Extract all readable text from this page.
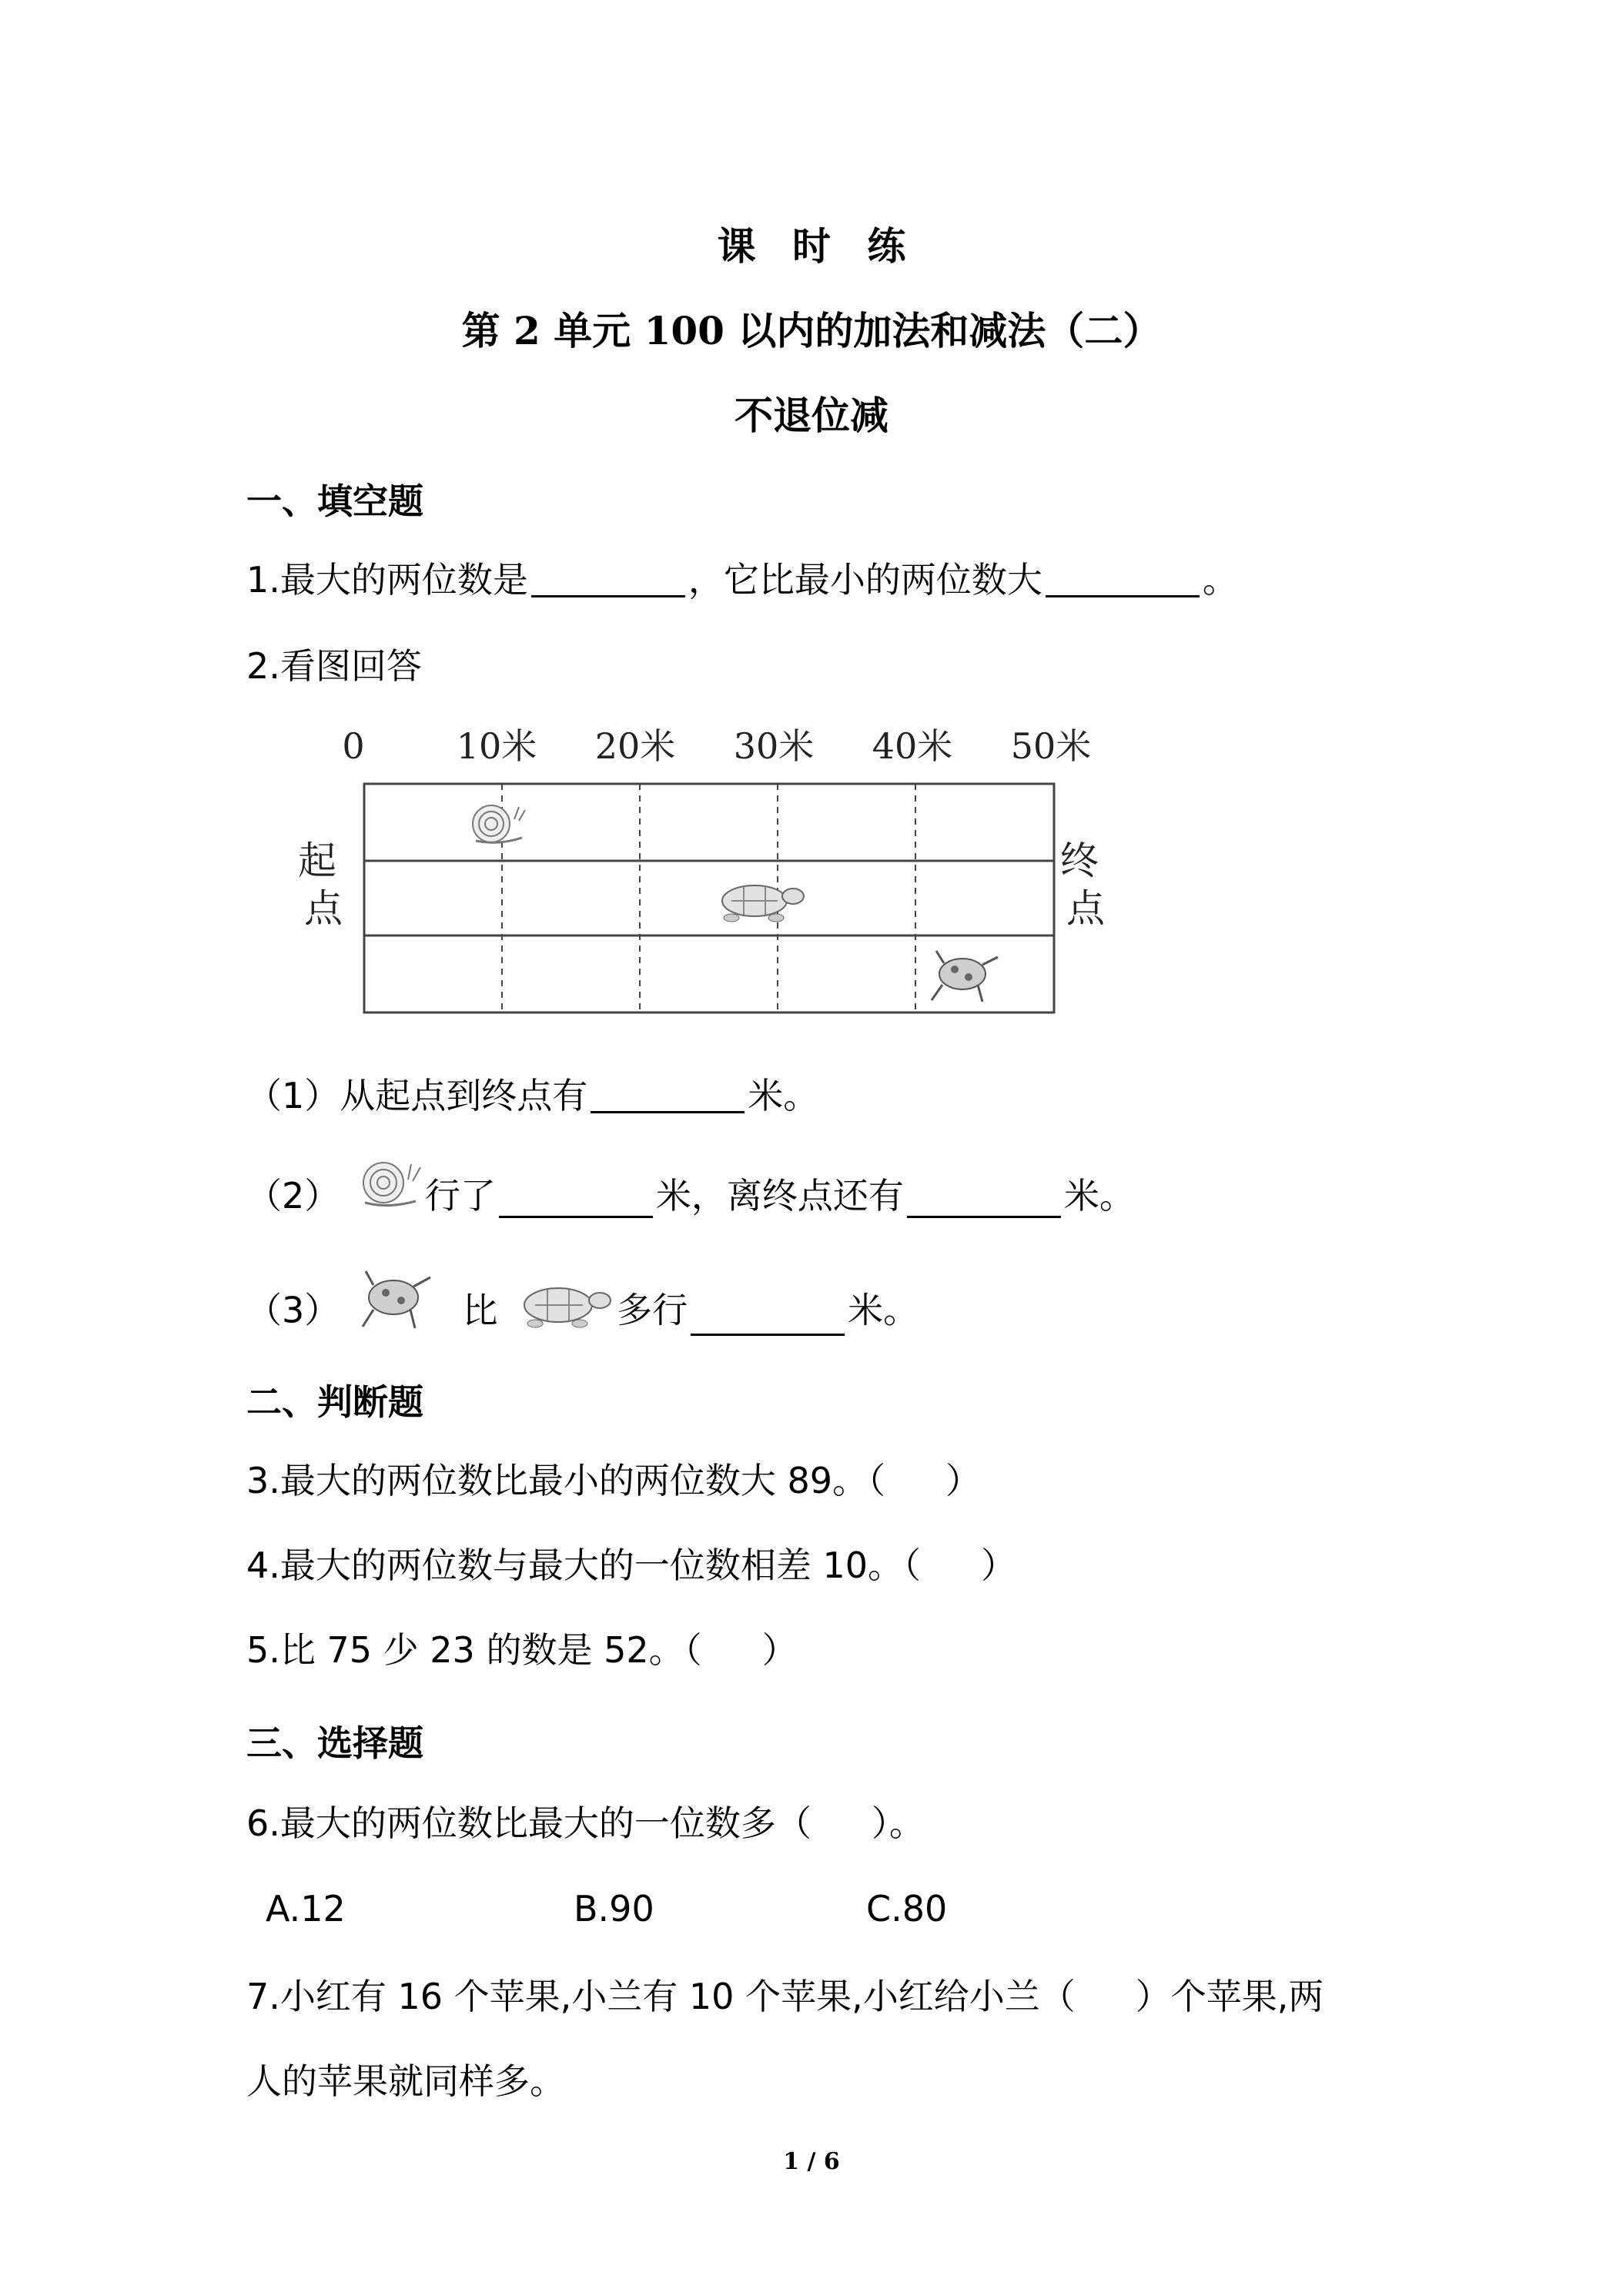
课 时 练
第 2 单元 100 以内的加法和减法（二）
不退位减
一、填空题
1.最大的两位数是	，它比最小的两位数大	。
2.看图回答
0	10米 20米 30米 40米 50米
起 点
终 点
（1）从起点到终点有	米。
（2） 行了	米，离终点还有	米。
（3）	比	多行	米。
二、判断题
3.最大的两位数比最小的两位数大 89。（ ）
4.最大的两位数与最大的一位数相差 10。（ ）
5.比 75 少 23 的数是 52。（ ）
三、选择题
6.最大的两位数比最大的一位数多（ ）。
A.12	B.90	C.80
7.小红有 16 个苹果,小兰有 10 个苹果,小红给小兰（ ）个苹果,两
人的苹果就同样多。
1 / 6
